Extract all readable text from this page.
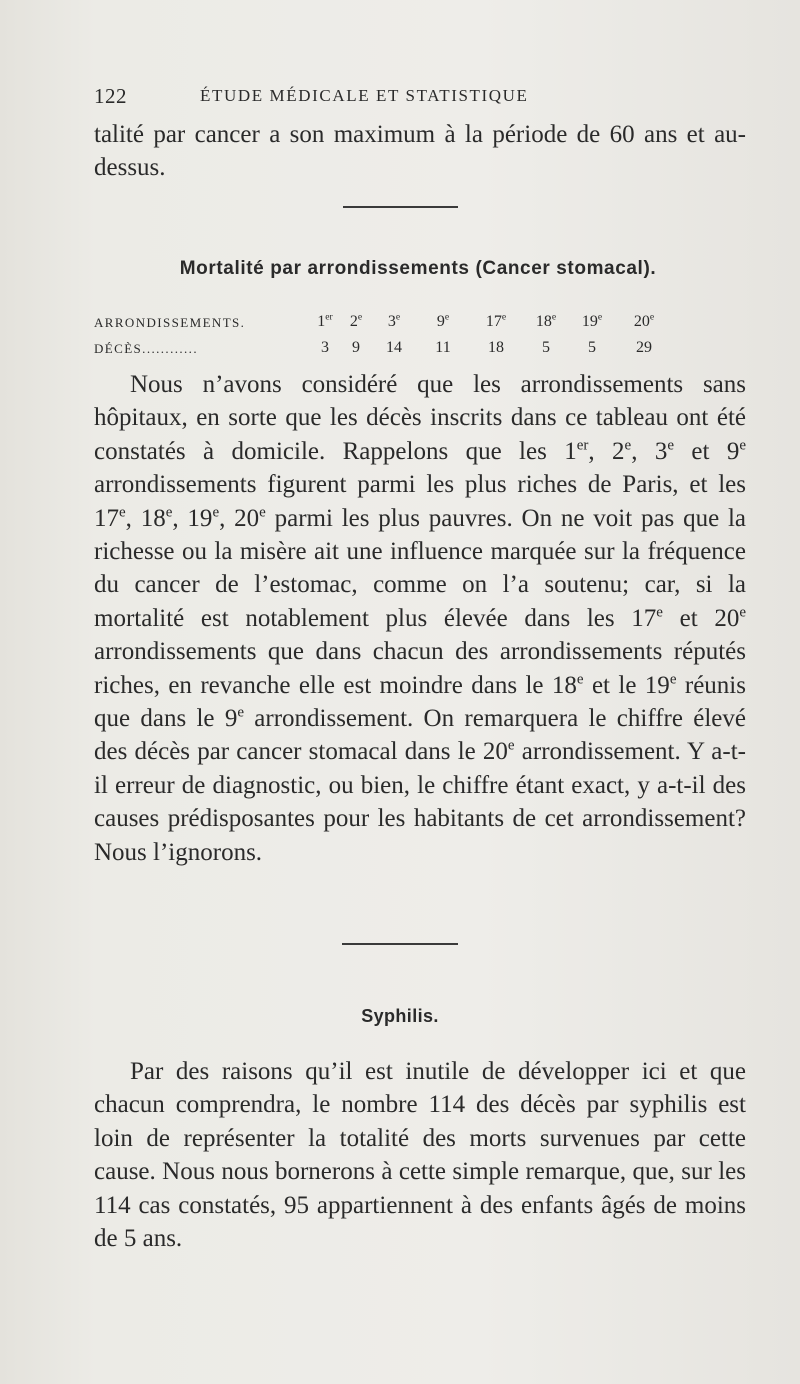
122	ÉTUDE MÉDICALE ET STATISTIQUE
talité par cancer a son maximum à la période de 60 ans et au-
dessus.
Mortalité par arrondissements (Cancer stomacal).
ARRONDISSEMENTS.	1er	2e	3e	9e	17e	18e	19e	20e
DÉCÈS............	3	9	14	11	18	5	5	29
Nous n’avons considéré que les arrondissements sans hôpitaux, en sorte que les décès inscrits dans ce tableau ont été constatés à domicile. Rappelons que les 1er, 2e, 3e et 9e arrondissements figurent parmi les plus riches de Paris, et les 17e, 18e, 19e, 20e parmi les plus pauvres. On ne voit pas que la richesse ou la misère ait une influence marquée sur la fréquence du cancer de l’estomac, comme on l’a soutenu; car, si la mortalité est notablement plus élevée dans les 17e et 20e arrondissements que dans chacun des arrondissements réputés riches, en revanche elle est moindre dans le 18e et le 19e réunis que dans le 9e arrondissement. On remarquera le chiffre élevé des décès par cancer stomacal dans le 20e arrondissement. Y a-t-il erreur de diagnostic, ou bien, le chiffre étant exact, y a-t-il des causes prédisposantes pour les habitants de cet arrondissement? Nous l’ignorons.
Syphilis.
Par des raisons qu’il est inutile de développer ici et que chacun comprendra, le nombre 114 des décès par syphilis est loin de représenter la totalité des morts survenues par cette cause. Nous nous bornerons à cette simple remarque, que, sur les 114 cas constatés, 95 appartiennent à des enfants âgés de moins de 5 ans.
